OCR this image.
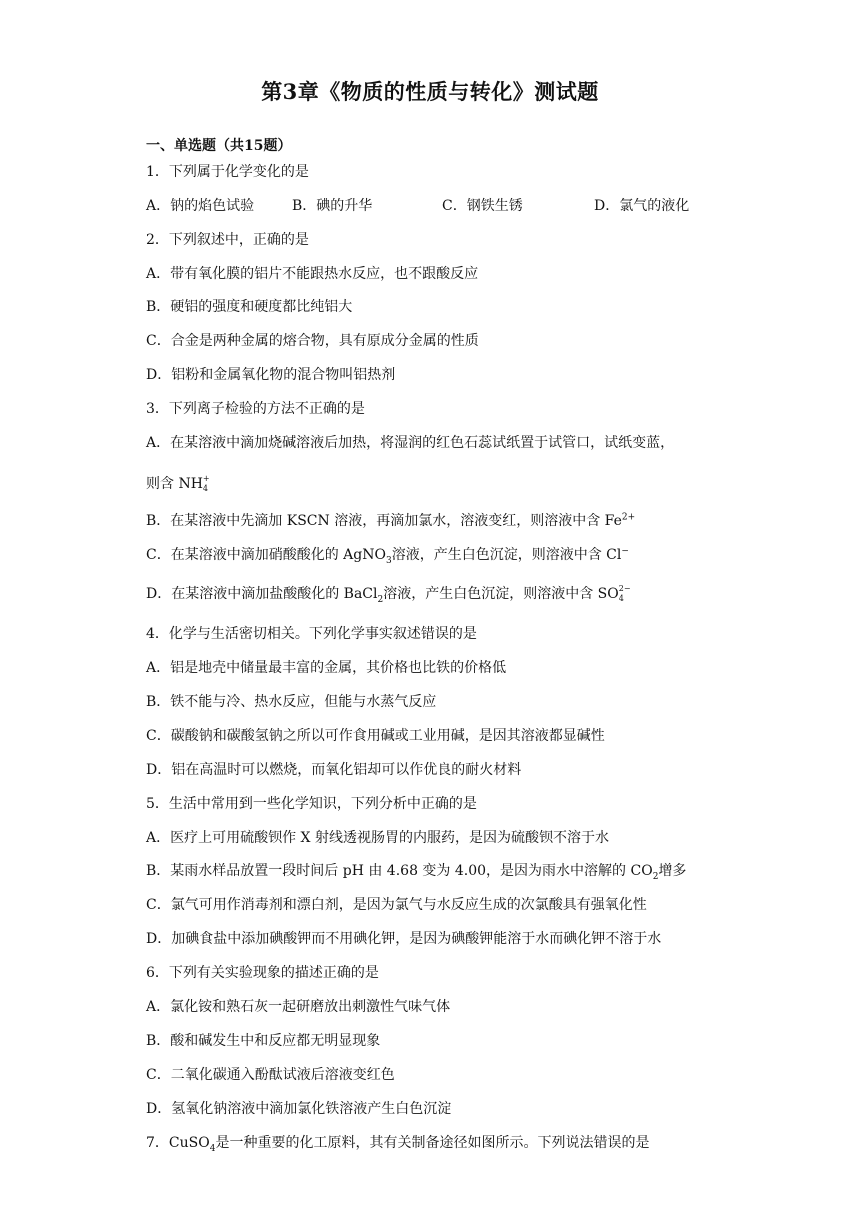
第3章《物质的性质与转化》测试题
一、单选题（共15题）
1．下列属于化学变化的是
A．钠的焰色试验	B．碘的升华	C．钢铁生锈	D．氯气的液化
2．下列叙述中，正确的是
A．带有氧化膜的铝片不能跟热水反应，也不跟酸反应
B．硬铝的强度和硬度都比纯铝大
C．合金是两种金属的熔合物，具有原成分金属的性质
D．铝粉和金属氧化物的混合物叫铝热剂
3．下列离子检验的方法不正确的是
A．在某溶液中滴加烧碱溶液后加热，将湿润的红色石蕊试纸置于试管口，试纸变蓝，
则含 NH +
4
B．在某溶液中先滴加 KSCN 溶液，再滴加氯水，溶液变红，则溶液中含 $Fe^{2+}$
C．在某溶液中滴加硝酸酸化的 AgNO$_3$溶液，产生白色沉淀，则溶液中含 Cl−
D．在某溶液中滴加盐酸酸化的 BaCl$_2$溶液，产生白色沉淀，则溶液中含 SO 2−
4
4．化学与生活密切相关。下列化学事实叙述错误的是
A．铝是地壳中储量最丰富的金属，其价格也比铁的价格低
B．铁不能与冷、热水反应，但能与水蒸气反应
C．碳酸钠和碳酸氢钠之所以可作食用碱或工业用碱，是因其溶液都显碱性
D．铝在高温时可以燃烧，而氧化铝却可以作优良的耐火材料
5．生活中常用到一些化学知识，下列分析中正确的是
A．医疗上可用硫酸钡作 X 射线透视肠胃的内服药，是因为硫酸钡不溶于水
B．某雨水样品放置一段时间后 pH 由 4.68 变为 4.00，是因为雨水中溶解的 $CO_2$增多
C．氯气可用作消毒剂和漂白剂，是因为氯气与水反应生成的次氯酸具有强氧化性
D．加碘食盐中添加碘酸钾而不用碘化钾，是因为碘酸钾能溶于水而碘化钾不溶于水
6．下列有关实验现象的描述正确的是
A．氯化铵和熟石灰一起研磨放出刺激性气味气体
B．酸和碱发生中和反应都无明显现象
C．二氧化碳通入酚酞试液后溶液变红色
D．氢氧化钠溶液中滴加氯化铁溶液产生白色沉淀
7．CuSO$_4$是一种重要的化工原料，其有关制备途径如图所示。下列说法错误的是
